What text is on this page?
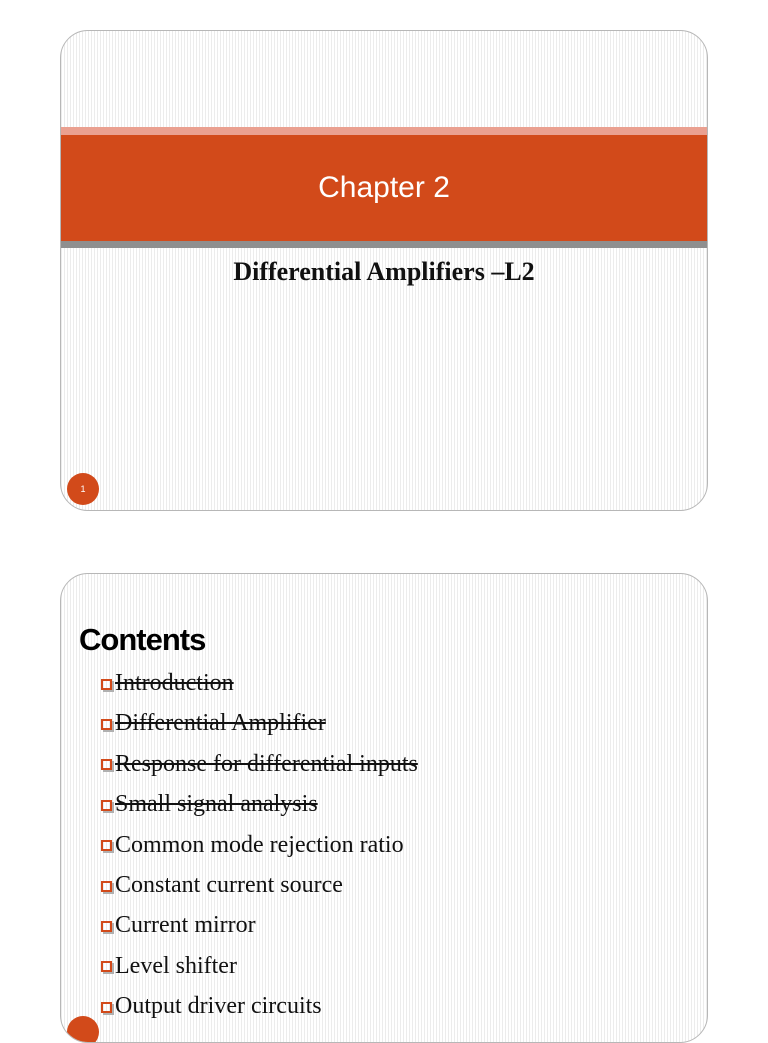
Chapter 2
Differential Amplifiers –L2
1
Contents
Introduction
Differential Amplifier
Response for differential inputs
Small signal analysis
Common mode rejection ratio
Constant current source
Current mirror
Level shifter
Output driver circuits
